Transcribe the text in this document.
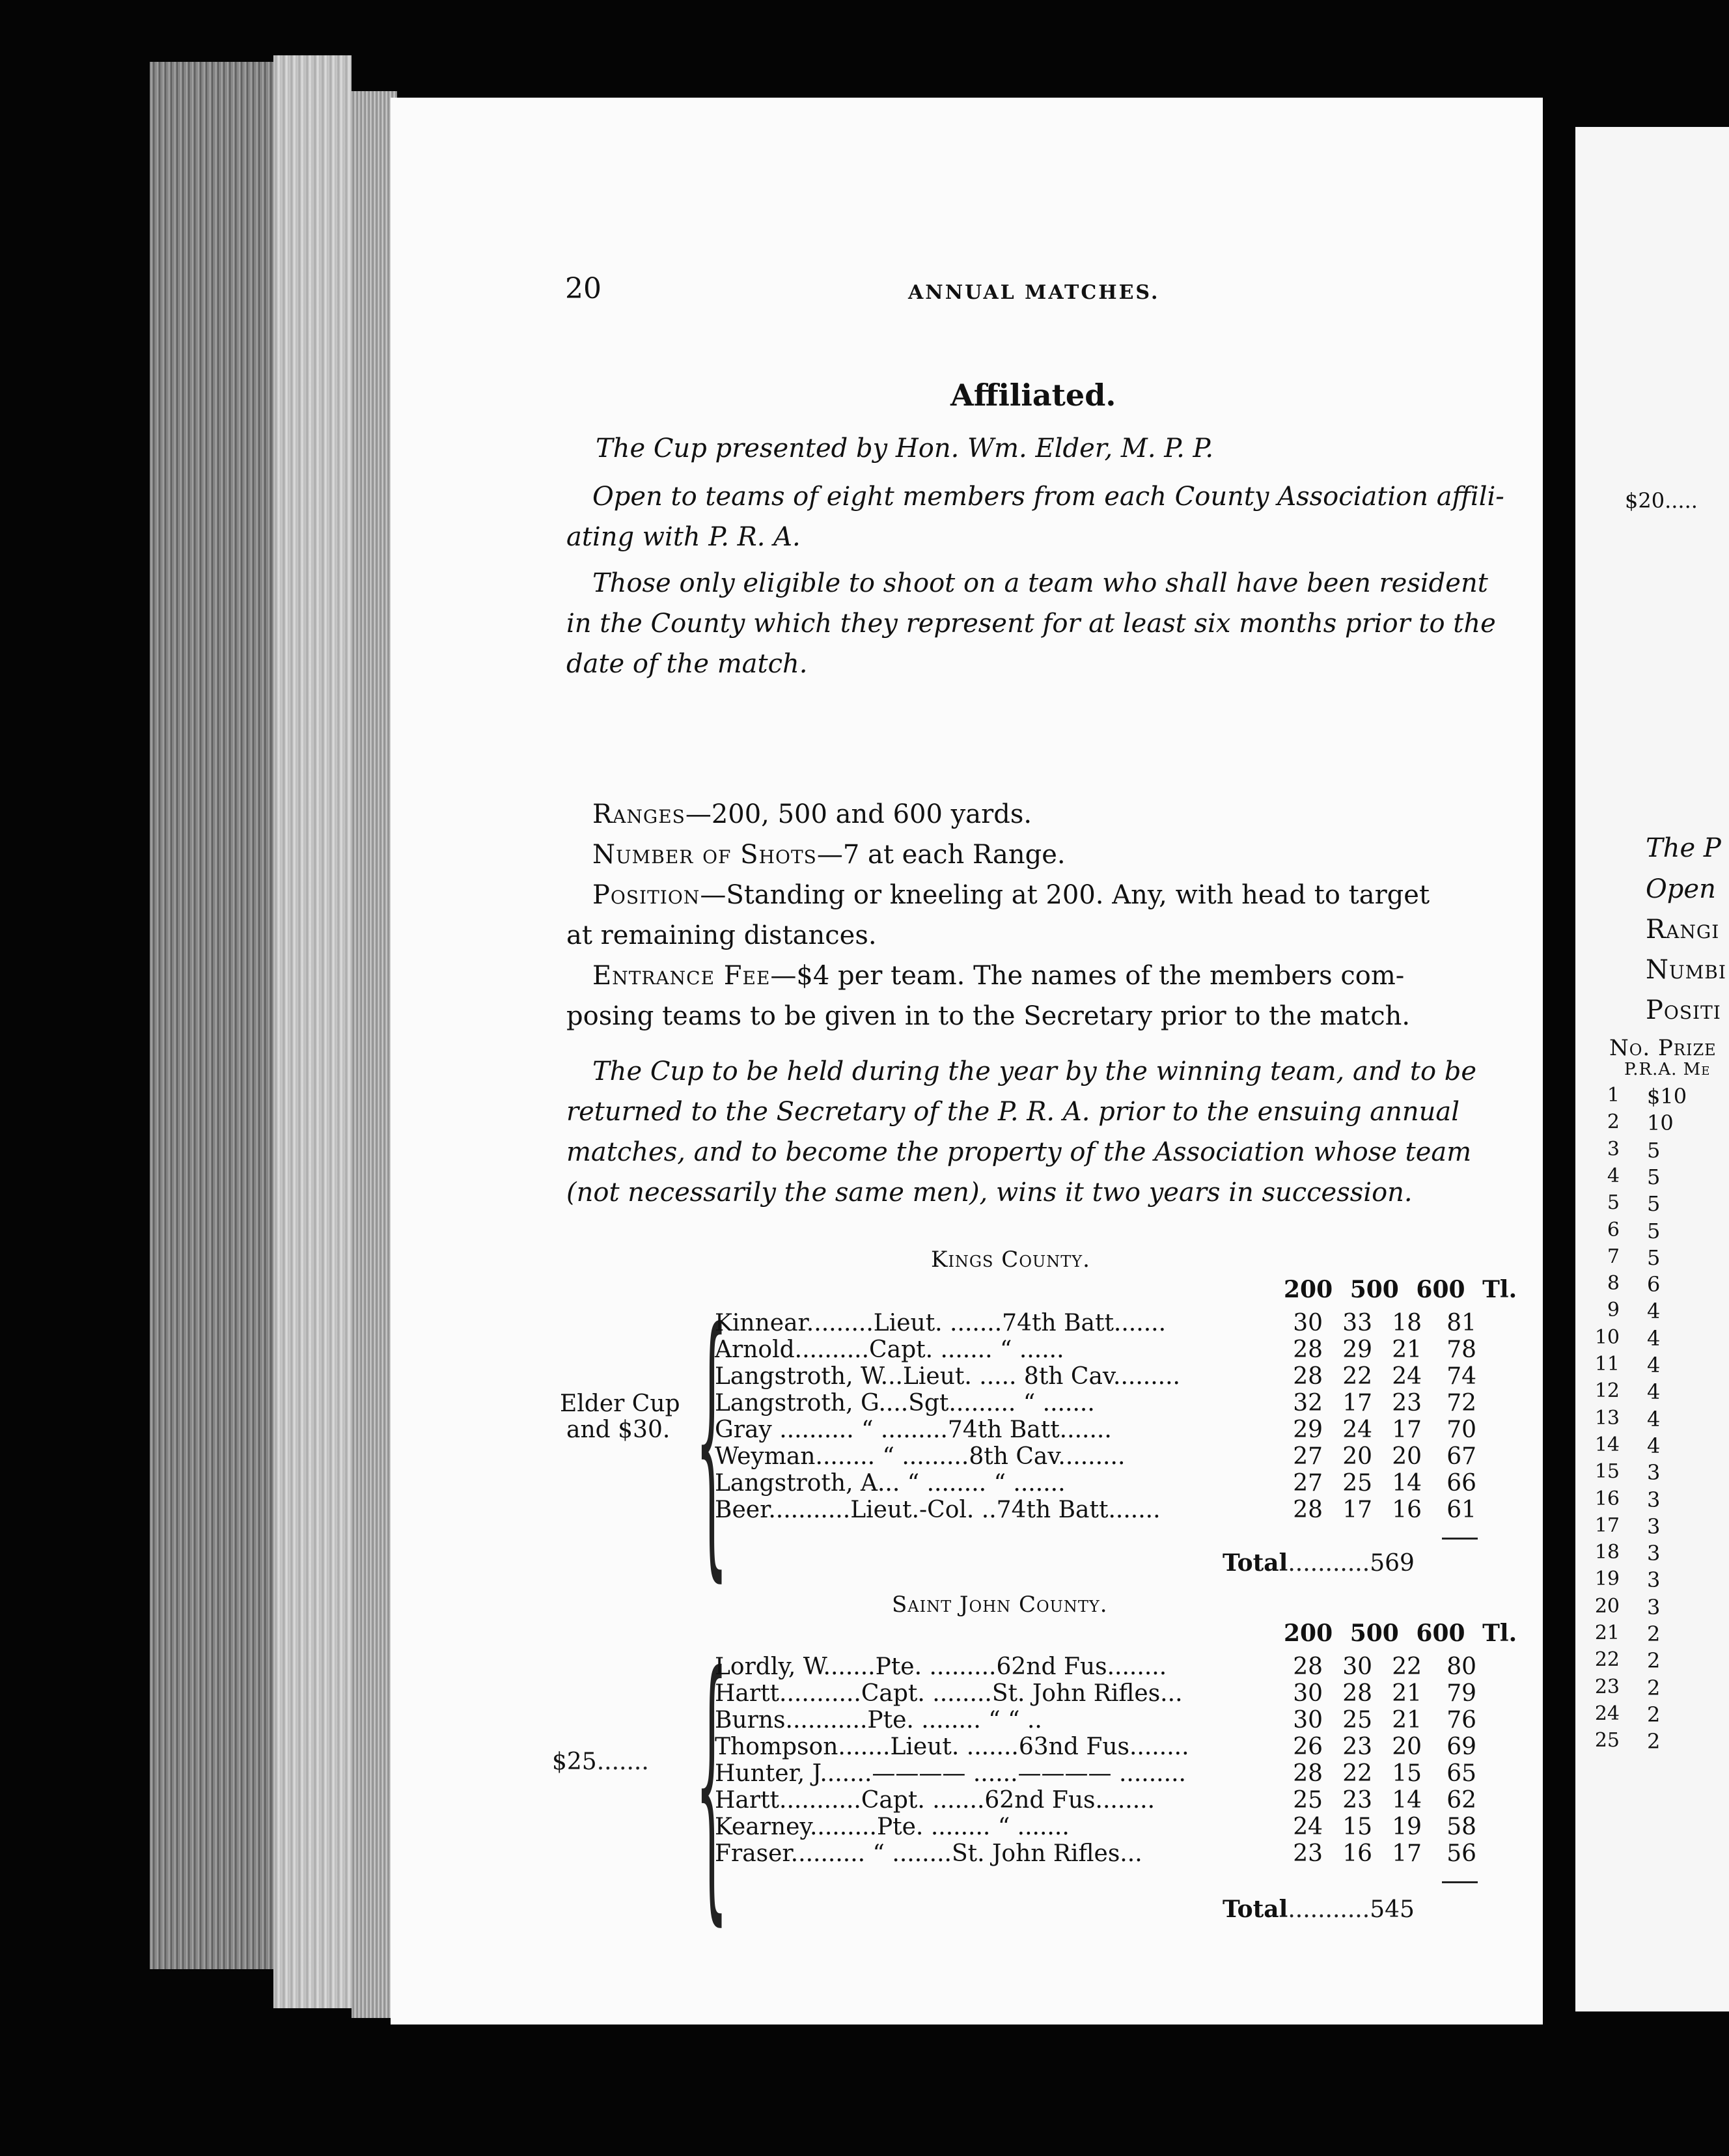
20	ANNUAL MATCHES.
Affiliated.
The Cup presented by Hon. Wm. Elder, M. P. P.
Open to teams of eight members from each County Association affili-
ating with P. R. A.
Those only eligible to shoot on a team who shall have been resident
in the County which they represent for at least six months prior to the
date of the match.
Ranges—200, 500 and 600 yards.
Number of Shots—7 at each Range.
Position—Standing or kneeling at 200. Any, with head to target
at remaining distances.
Entrance Fee—$4 per team. The names of the members com-
posing teams to be given in to the Secretary prior to the match.
The Cup to be held during the year by the winning team, and to be
returned to the Secretary of the P. R. A. prior to the ensuing annual
matches, and to become the property of the Association whose team
(not necessarily the same men), wins it two years in succession.
Kings County.
200 500 600 Tl.
Elder Cup
and $30. {
Kinnear.........Lieut. .......74th Batt.......	30 33 18	81
Arnold..........Capt. ....... “ ......	28 29 21	78
Langstroth, W...Lieut. ..... 8th Cav.........	28 22 24	74
Langstroth, G....Sgt......... “ .......	32 17 23	72
Gray .......... “ .........74th Batt.......	29 24 17	70
Weyman........ “ .........8th Cav.........	27 20 20	67
Langstroth, A... “ ........ “ .......	27 25 14	66
Beer...........Lieut.-Col. ..74th Batt.......	28 17 16	61
Total...........569
Saint John County.
200 500 600 Tl.
$25....... {
Lordly, W.......Pte. .........62nd Fus........	28 30 22	80
Hartt...........Capt. ........St. John Rifles...	30 28 21	79
Burns...........Pte. ........ “ “ ..	30 25 21	76
Thompson.......Lieut. .......63nd Fus........	26 23 20	69
Hunter, J.......———— ......———— .........	28 22 15	65
Hartt...........Capt. .......62nd Fus........	25 23 14	62
Kearney.........Pte. ........ “ .......	24 15 19	58
Fraser.......... “ ........St. John Rifles...	23 16 17	56
Total...........545
$20.....
The P
Open
Rangi
Numbi
Positi
No. Prize
P.R.A. Me
1 $10
2 10
3 5
4 5
5 5
6 5
7 5
8 6
9 4
10 4
11 4
12 4
13 4
14 4
15 3
16 3
17 3
18 3
19 3
20 3
21 2
22 2
23 2
24 2
25 2
